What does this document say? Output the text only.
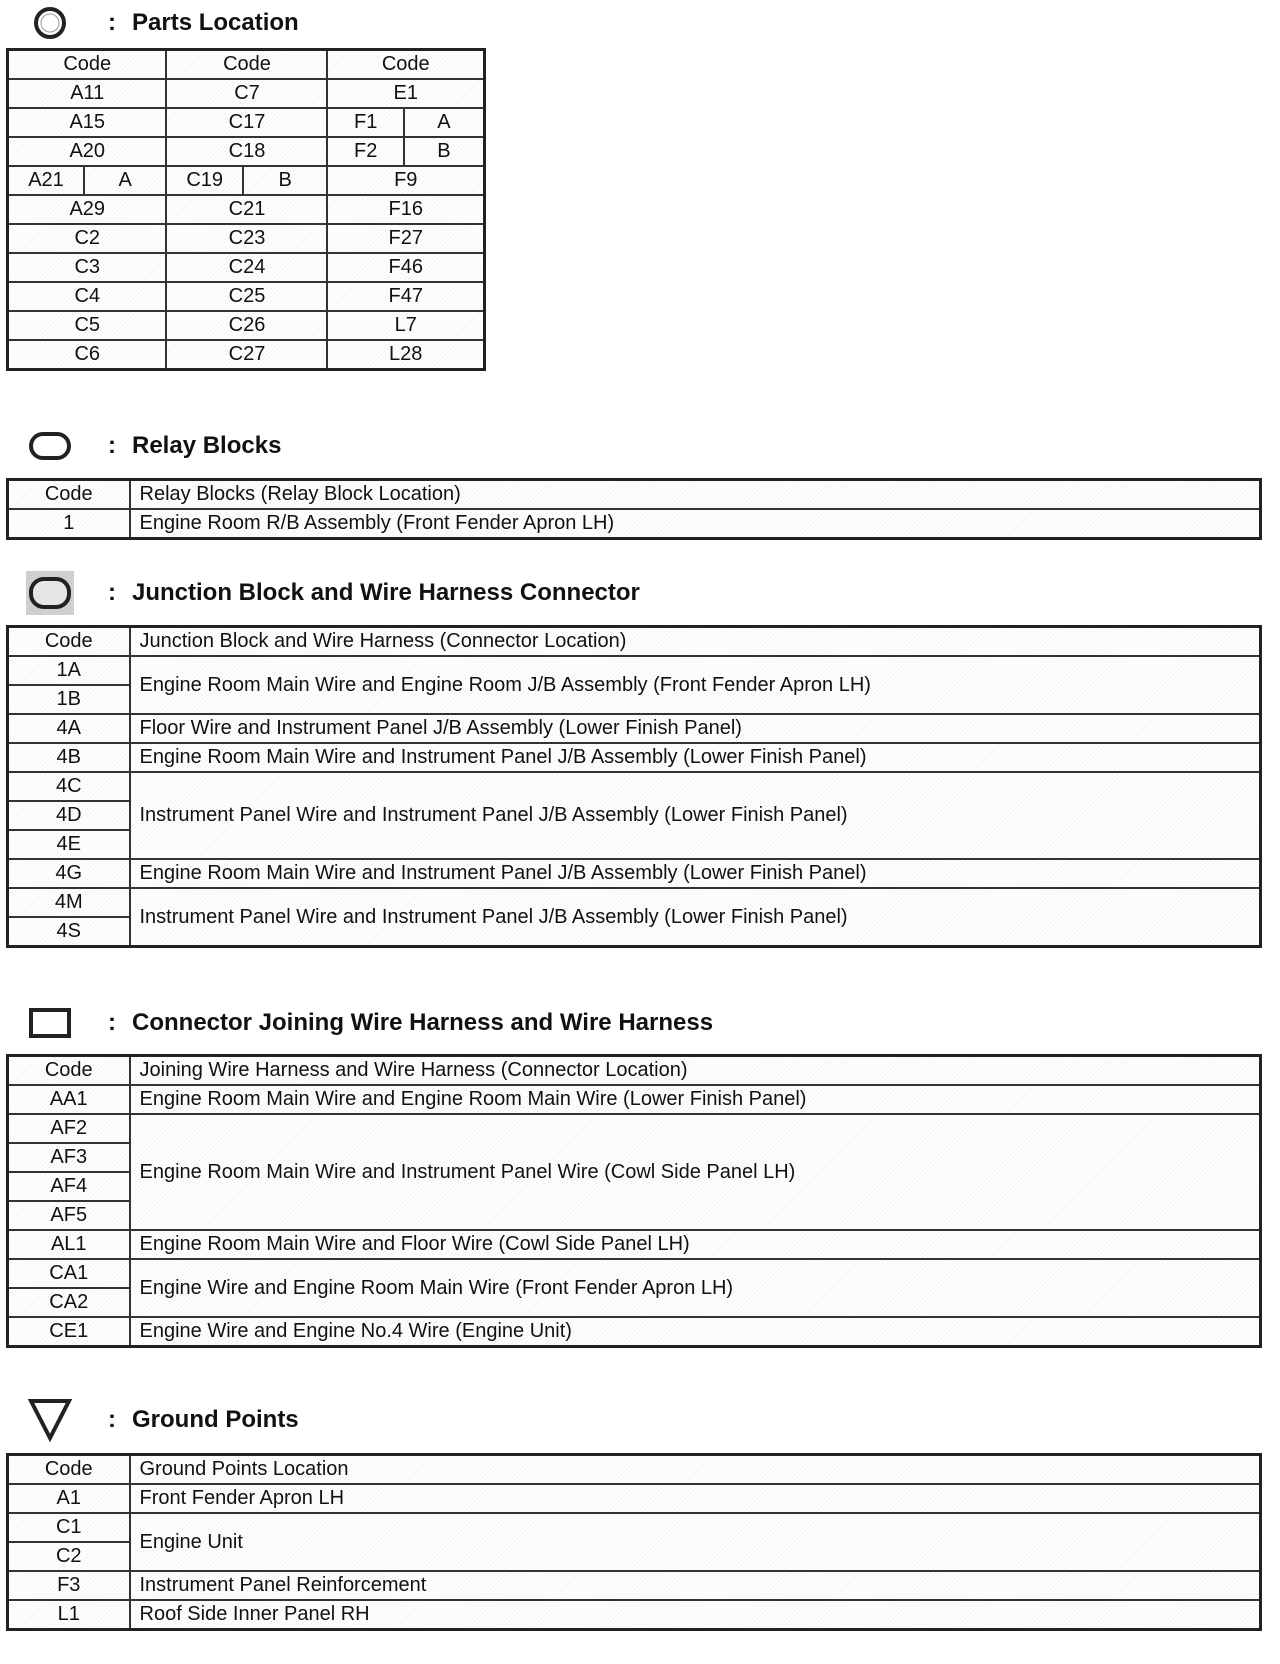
: Parts Location
Code		Code		Code	
A11		C7		E1	
A15		C17		F1	A
A20		C18		F2	B
A21	A	C19	B	F9	
A29		C21		F16	
C2		C23		F27	
C3		C24		F46	
C4		C25		F47	
C5		C26		L7	
C6		C27		L28	
: Relay Blocks
Code	Relay Blocks (Relay Block Location)
1	Engine Room R/B Assembly (Front Fender Apron LH)
: Junction Block and Wire Harness Connector
Code	Junction Block and Wire Harness (Connector Location)
1A	Engine Room Main Wire and Engine Room J/B Assembly (Front Fender Apron LH)
1B	
4A	Floor Wire and Instrument Panel J/B Assembly (Lower Finish Panel)
4B	Engine Room Main Wire and Instrument Panel J/B Assembly (Lower Finish Panel)
4C	Instrument Panel Wire and Instrument Panel J/B Assembly (Lower Finish Panel)
4D	
4E	
4G	Engine Room Main Wire and Instrument Panel J/B Assembly (Lower Finish Panel)
4M	Instrument Panel Wire and Instrument Panel J/B Assembly (Lower Finish Panel)
4S	
: Connector Joining Wire Harness and Wire Harness
Code	Joining Wire Harness and Wire Harness (Connector Location)
AA1	Engine Room Main Wire and Engine Room Main Wire (Lower Finish Panel)
AF2	Engine Room Main Wire and Instrument Panel Wire (Cowl Side Panel LH)
AF3	
AF4	
AF5	
AL1	Engine Room Main Wire and Floor Wire (Cowl Side Panel LH)
CA1	Engine Wire and Engine Room Main Wire (Front Fender Apron LH)
CA2	
CE1	Engine Wire and Engine No.4 Wire (Engine Unit)
: Ground Points
Code	Ground Points Location
A1	Front Fender Apron LH
C1	Engine Unit
C2	
F3	Instrument Panel Reinforcement
L1	Roof Side Inner Panel RH
